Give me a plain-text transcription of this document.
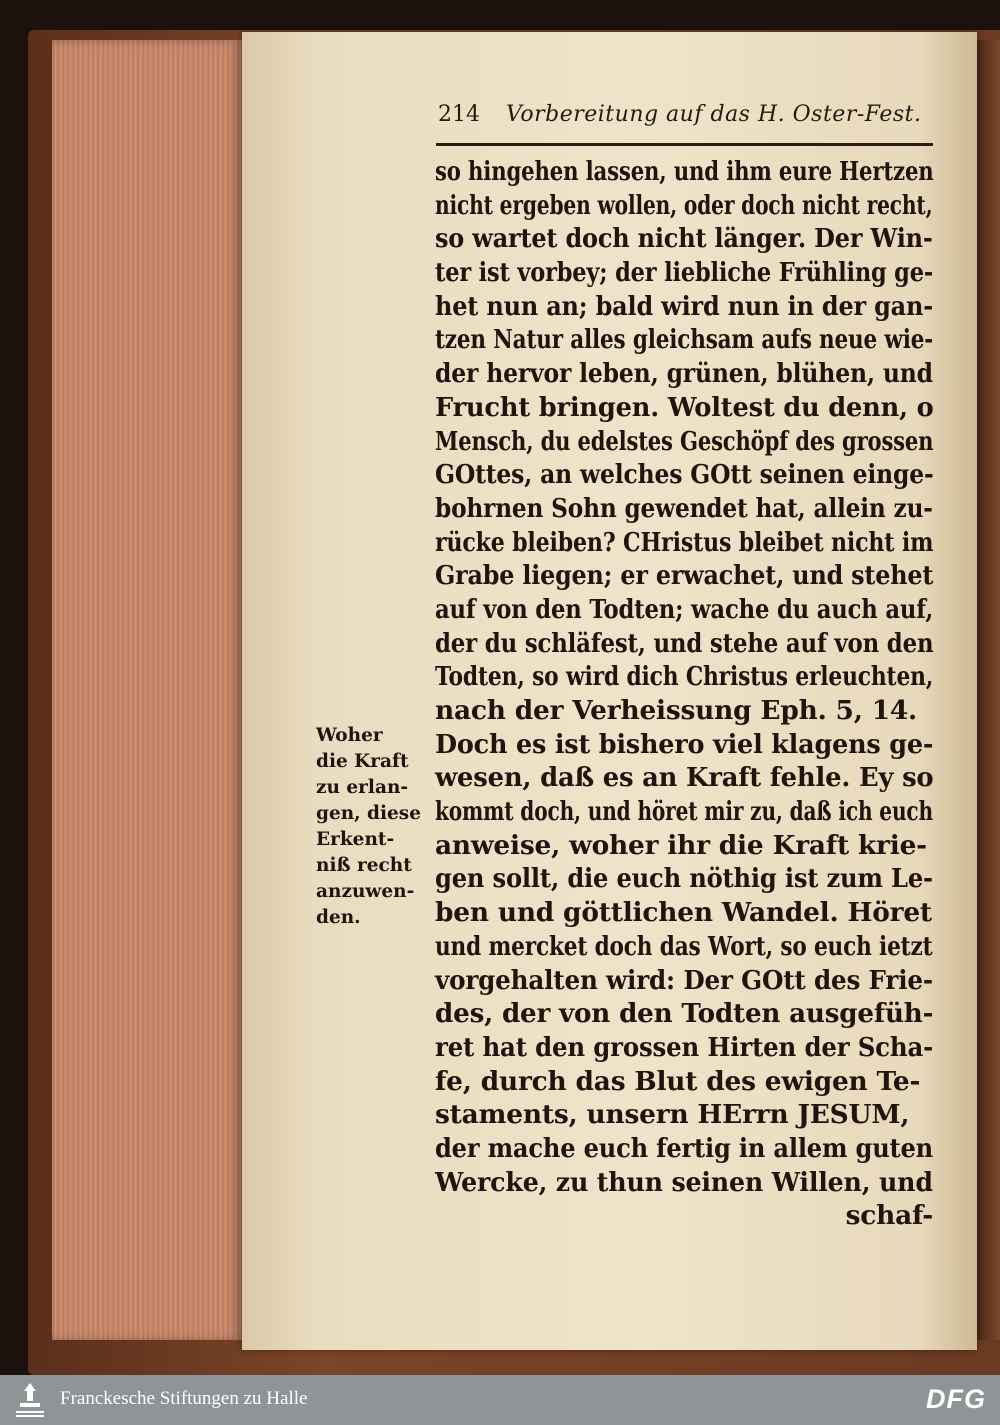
214 Vorbereitung auf das H. Oster-Fest.
so hingehen lassen, und ihm eure Hertzen
nicht ergeben wollen, oder doch nicht recht,
so wartet doch nicht länger. Der Win-
ter ist vorbey; der liebliche Frühling ge-
het nun an; bald wird nun in der gan-
tzen Natur alles gleichsam aufs neue wie-
der hervor leben, grünen, blühen, und
Frucht bringen. Woltest du denn, o
Mensch, du edelstes Geschöpf des grossen
GOttes, an welches GOtt seinen einge-
bohrnen Sohn gewendet hat, allein zu-
rücke bleiben? CHristus bleibet nicht im
Grabe liegen; er erwachet, und stehet
auf von den Todten; wache du auch auf,
der du schläfest, und stehe auf von den
Todten, so wird dich Christus erleuchten,
nach der Verheissung Eph. 5, 14.
Doch es ist bishero viel klagens ge-
wesen, daß es an Kraft fehle. Ey so
kommt doch, und höret mir zu, daß ich euch
anweise, woher ihr die Kraft krie-
gen sollt, die euch nöthig ist zum Le-
ben und göttlichen Wandel. Höret
und mercket doch das Wort, so euch ietzt
vorgehalten wird: Der GOtt des Frie-
des, der von den Todten ausgefüh-
ret hat den grossen Hirten der Scha-
fe, durch das Blut des ewigen Te-
staments, unsern HErrn JESUM,
der mache euch fertig in allem guten
Wercke, zu thun seinen Willen, und
schaf-
Woher
die Kraft
zu erlan-
gen, diese
Erkent-
niß recht
anzuwen-
den.
Franckesche Stiftungen zu Halle	DFG
